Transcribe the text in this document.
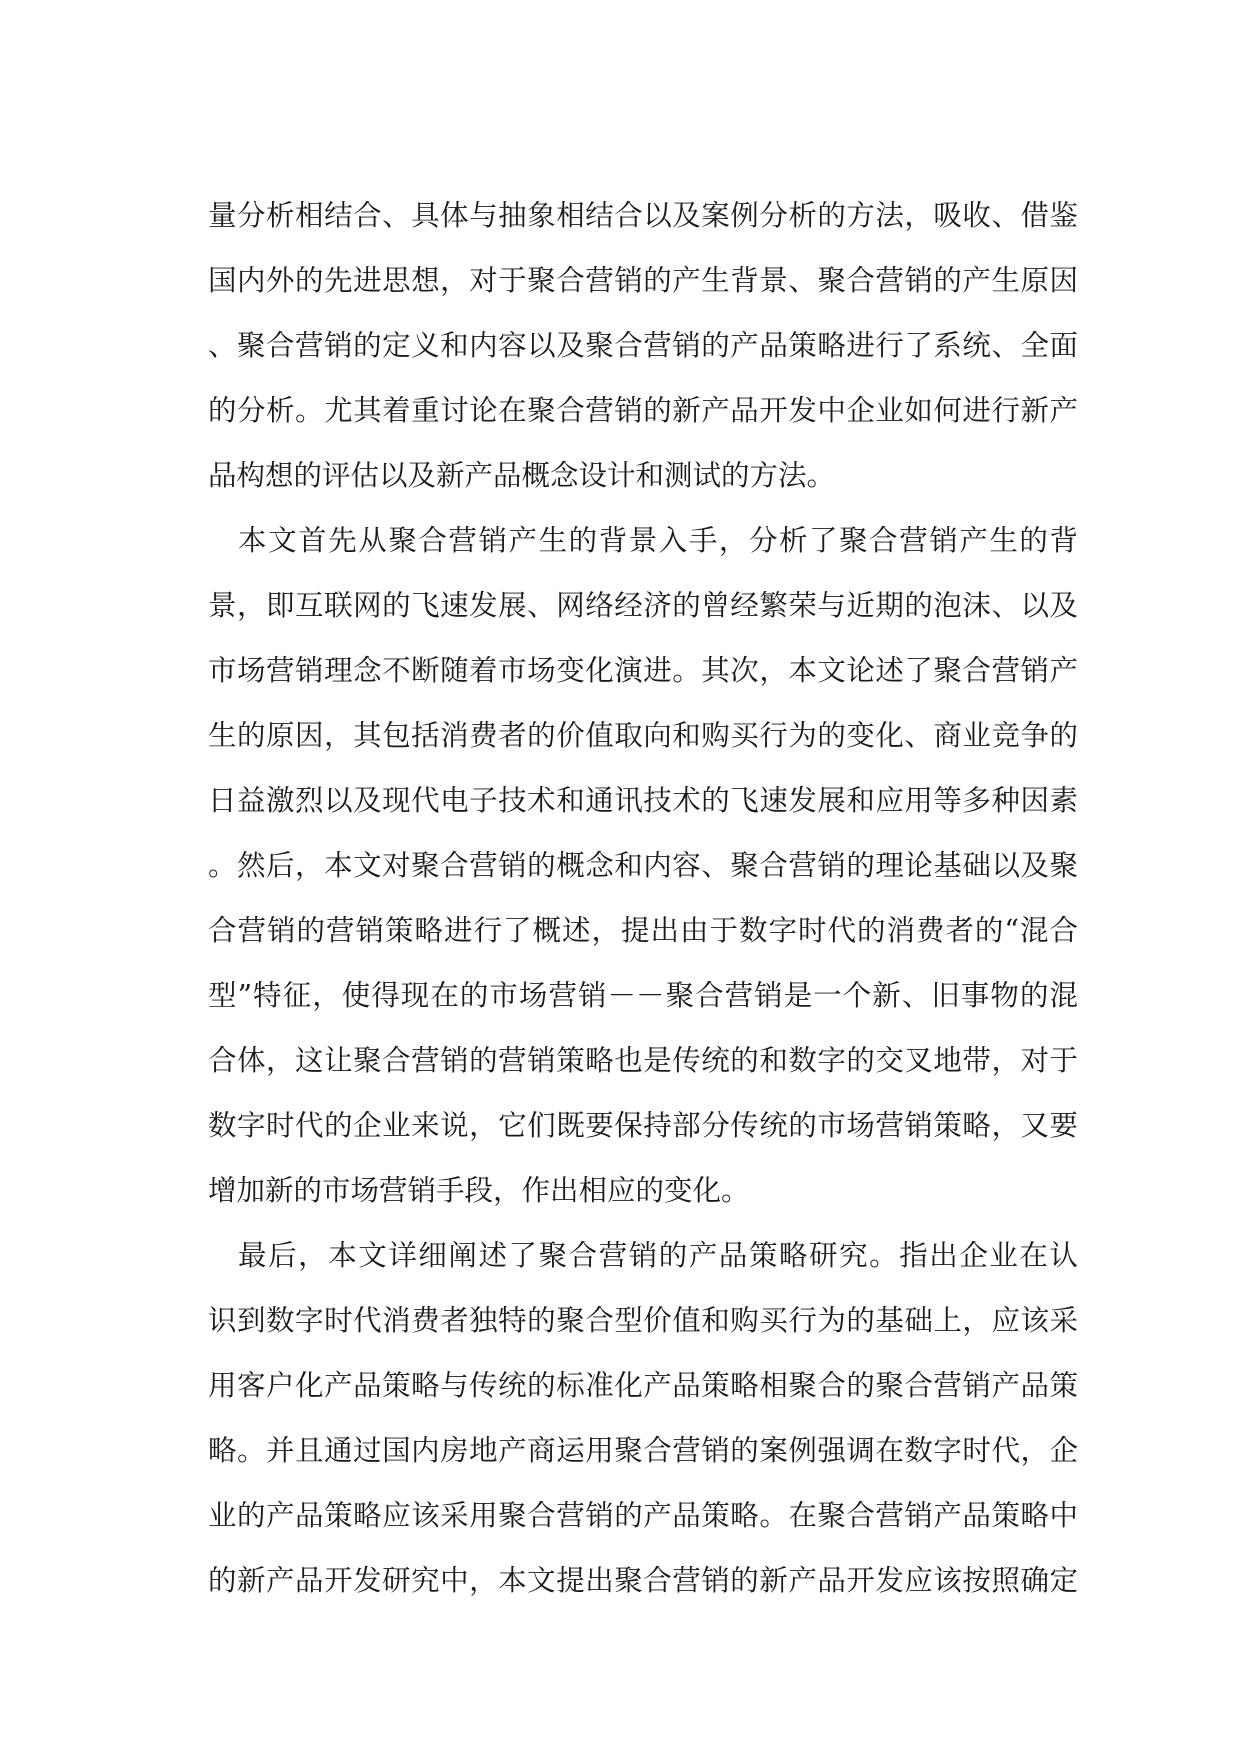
量分析相结合、具体与抽象相结合以及案例分析的方法，吸收、借鉴
国内外的先进思想，对于聚合营销的产生背景、聚合营销的产生原因
、聚合营销的定义和内容以及聚合营销的产品策略进行了系统、全面
的分析。尤其着重讨论在聚合营销的新产品开发中企业如何进行新产
品构想的评估以及新产品概念设计和测试的方法。
　本文首先从聚合营销产生的背景入手，分析了聚合营销产生的背
景，即互联网的飞速发展、网络经济的曾经繁荣与近期的泡沫、以及
市场营销理念不断随着市场变化演进。其次，本文论述了聚合营销产
生的原因，其包括消费者的价值取向和购买行为的变化、商业竞争的
日益激烈以及现代电子技术和通讯技术的飞速发展和应用等多种因素
。然后，本文对聚合营销的概念和内容、聚合营销的理论基础以及聚
合营销的营销策略进行了概述，提出由于数字时代的消费者的“混合
型”特征，使得现在的市场营销－－聚合营销是一个新、旧事物的混
合体，这让聚合营销的营销策略也是传统的和数字的交叉地带，对于
数字时代的企业来说，它们既要保持部分传统的市场营销策略，又要
增加新的市场营销手段，作出相应的变化。
　最后，本文详细阐述了聚合营销的产品策略研究。指出企业在认
识到数字时代消费者独特的聚合型价值和购买行为的基础上，应该采
用客户化产品策略与传统的标准化产品策略相聚合的聚合营销产品策
略。并且通过国内房地产商运用聚合营销的案例强调在数字时代，企
业的产品策略应该采用聚合营销的产品策略。在聚合营销产品策略中
的新产品开发研究中，本文提出聚合营销的新产品开发应该按照确定
